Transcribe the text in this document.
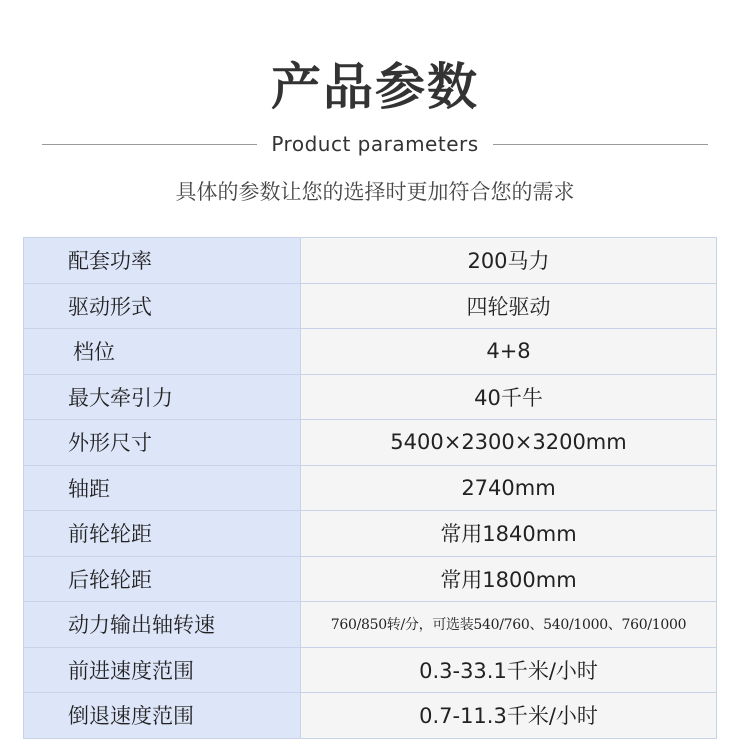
产品参数
Product parameters
具体的参数让您的选择时更加符合您的需求
配套功率	200马力
驱动形式	四轮驱动
档位	4+8
最大牵引力	40千牛
外形尺寸	5400×2300×3200mm
轴距	2740mm
前轮轮距	常用1840mm
后轮轮距	常用1800mm
动力输出轴转速	760/850转/分，可选装540/760、540/1000、760/1000
前进速度范围	0.3-33.1千米/小时
倒退速度范围	0.7-11.3千米/小时
